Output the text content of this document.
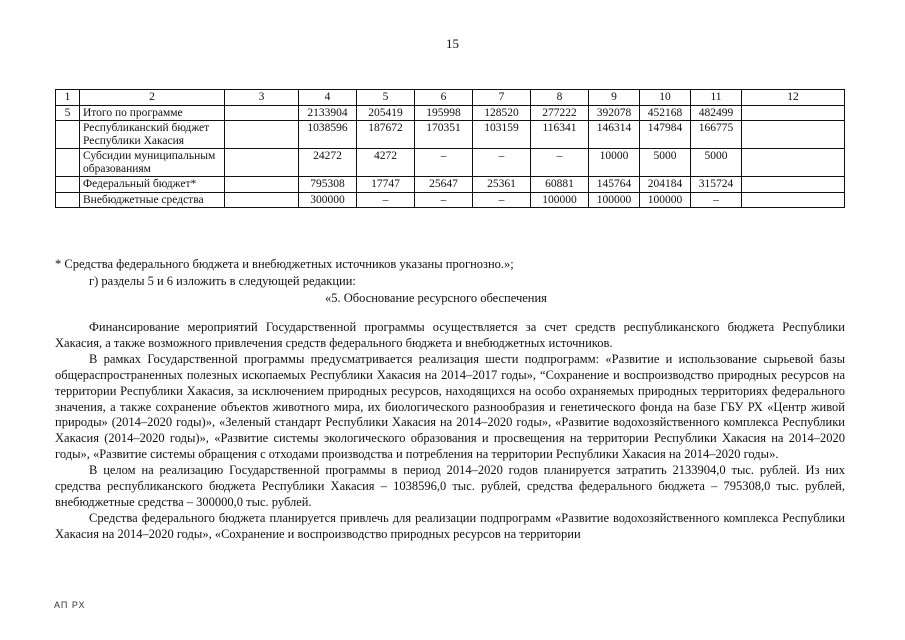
15
1	2	3	4	5	6	7	8	9	10	11	12
5	Итого по программе		2133904	205419	195998	128520	277222	392078	452168	482499	
	Республиканский бюджет Республики Хакасия		1038596	187672	170351	103159	116341	146314	147984	166775	
	Субсидии муниципальным образованиям		24272	4272	–	–	–	10000	5000	5000	
	Федеральный бюджет*		795308	17747	25647	25361	60881	145764	204184	315724	
	Внебюджетные средства		300000	–	–	–	100000	100000	100000	–	
* Средства федерального бюджета и внебюджетных источников указаны прогнозно.»;
г) разделы 5 и 6 изложить в следующей редакции:
«5. Обоснование ресурсного обеспечения

Финансирование мероприятий Государственной программы осуществляется за счет средств республиканского бюджета Республики Хакасия, а также возможного привлечения средств федерального бюджета и внебюджетных источников.

В рамках Государственной программы предусматривается реализация шести подпрограмм: «Развитие и использование сырьевой базы общераспространенных полезных ископаемых Республики Хакасия на 2014–2017 годы», “Сохранение и воспроизводство природных ресурсов на территории Республики Хакасия, за исключением природных ресурсов, находящихся на особо охраняемых природных территориях федерального значения, а также сохранение объектов животного мира, их биологического разнообразия и генетического фонда на базе ГБУ РХ «Центр живой природы» (2014–2020 годы)», «Зеленый стандарт Республики Хакасия на 2014–2020 годы», «Развитие водохозяйственного комплекса Республики Хакасия (2014–2020 годы)», «Развитие системы экологического образования и просвещения на территории Республики Хакасия на 2014–2020 годы», «Развитие системы обращения с отходами производства и потребления на территории Республики Хакасия на 2014–2020 годы».

В целом на реализацию Государственной программы в период 2014–2020 годов планируется затратить 2133904,0 тыс. рублей. Из них средства республиканского бюджета Республики Хакасия – 1038596,0 тыс. рублей, средства федерального бюджета – 795308,0 тыс. рублей, внебюджетные средства – 300000,0 тыс. рублей.

Средства федерального бюджета планируется привлечь для реализации подпрограмм «Развитие водохозяйственного комплекса Республики Хакасия на 2014–2020 годы», «Сохранение и воспроизводство природных ресурсов на территории

АП РХ
